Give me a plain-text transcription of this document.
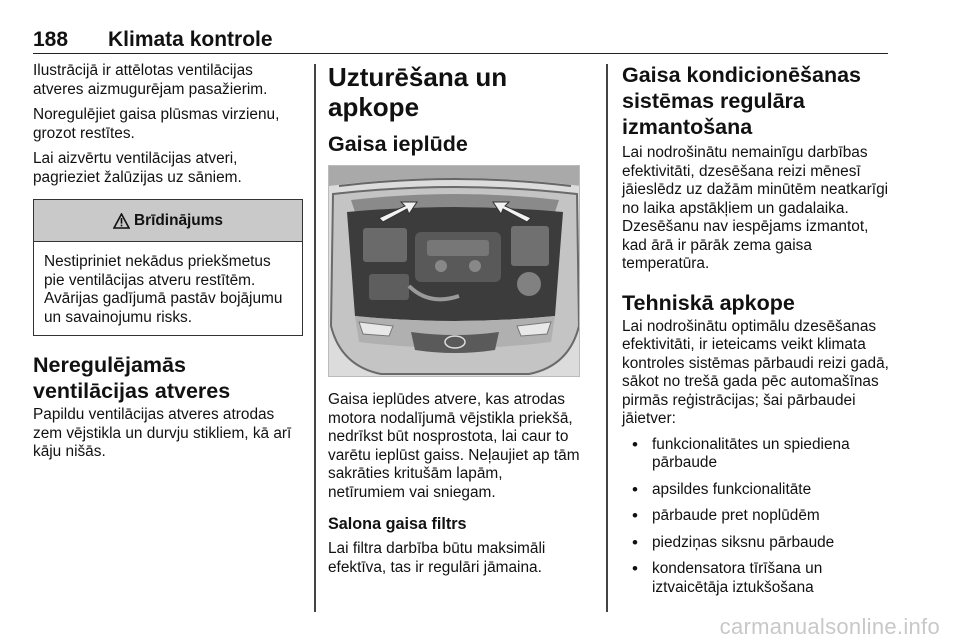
188 Klimata kontrole

Ilustrācijā ir attēlotas ventilācijas atveres aizmugurējam pasažierim.

Noregulējiet gaisa plūsmas virzienu, grozot restītes.

Lai aizvērtu ventilācijas atveri, pagrieziet žalūzijas uz sāniem.

Brīdinājums

Nestipriniet nekādus priekšmetus pie ventilācijas atveru restītēm.

Avārijas gadījumā pastāv bojājumu un savainojumu risks.

Neregulējamās ventilācijas atveres

Papildu ventilācijas atveres atrodas zem vējstikla un durvju stikliem, kā arī kāju nišās.

Uzturēšana un apkope
Gaisa ieplūde

Gaisa ieplūdes atvere, kas atrodas motora nodalījumā vējstikla priekšā, nedrīkst būt nosprostota, lai caur to varētu ieplūst gaiss. Neļaujiet ap tām sakrāties kritušām lapām, netīrumiem vai sniegam.

Salona gaisa filtrs

Lai filtra darbība būtu maksimāli efektīva, tas ir regulāri jāmaina.

Gaisa kondicionēšanas sistēmas regulāra izmantošana

Lai nodrošinātu nemainīgu darbības efektivitāti, dzesēšana reizi mēnesī jāieslēdz uz dažām minūtēm neatkarīgi no laika apstākļiem un gadalaika. Dzesēšanu nav iespējams izmantot, kad ārā ir pārāk zema gaisa temperatūra.

Tehniskā apkope

Lai nodrošinātu optimālu dzesēšanas efektivitāti, ir ieteicams veikt klimata kontroles sistēmas pārbaudi reizi gadā, sākot no trešā gada pēc automašīnas pirmās reģistrācijas; šai pārbaudei jāietver:

• funkcionalitātes un spiediena pārbaude
• apsildes funkcionalitāte
• pārbaude pret noplūdēm
• piedziņas siksnu pārbaude
• kondensatora tīrīšana un iztvaicētāja iztukšošana
carmanualsonline.info
